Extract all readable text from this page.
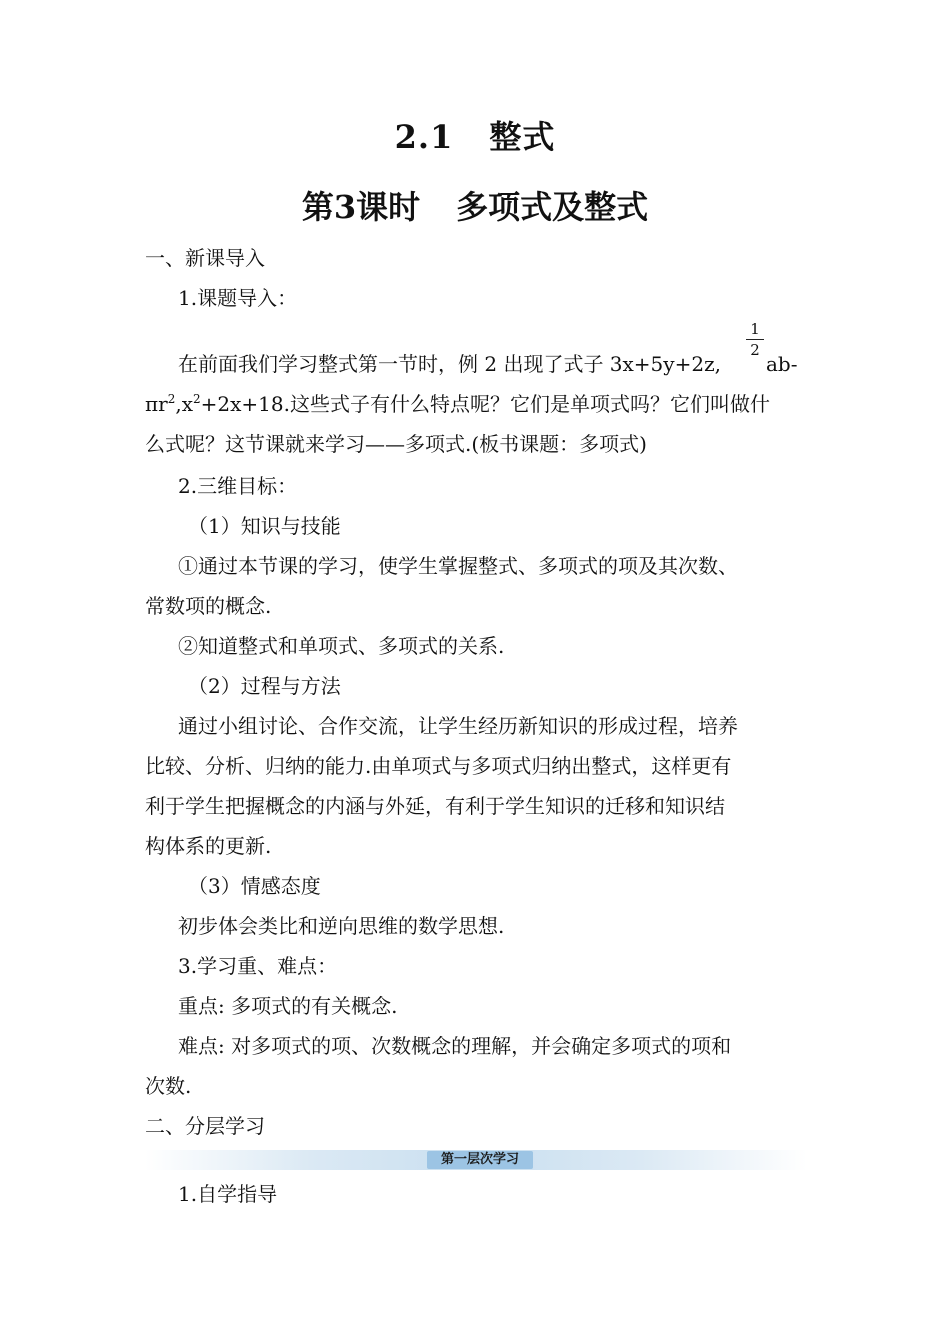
2.1 整式
第3课时 多项式及整式
一、新课导入
1.课题导入：
1
2
在前面我们学习整式第一节时，例 2 出现了式子 3x+5y+2z,	ab-
$\pi r^2,x^2+2x+18$.这些式子有什么特点呢？它们是单项式吗？它们叫做什
么式呢？这节课就来学习——多项式.(板书课题：多项式)
2.三维目标：
（1）知识与技能
①通过本节课的学习，使学生掌握整式、多项式的项及其次数、
常数项的概念.
②知道整式和单项式、多项式的关系.
（2）过程与方法
通过小组讨论、合作交流，让学生经历新知识的形成过程，培养
比较、分析、归纳的能力.由单项式与多项式归纳出整式，这样更有
利于学生把握概念的内涵与外延，有利于学生知识的迁移和知识结
构体系的更新.
（3）情感态度
初步体会类比和逆向思维的数学思想.
3.学习重、难点：
重点: 多项式的有关概念.
难点: 对多项式的项、次数概念的理解，并会确定多项式的项和
次数.
二、分层学习
第一层次学习
1.自学指导
